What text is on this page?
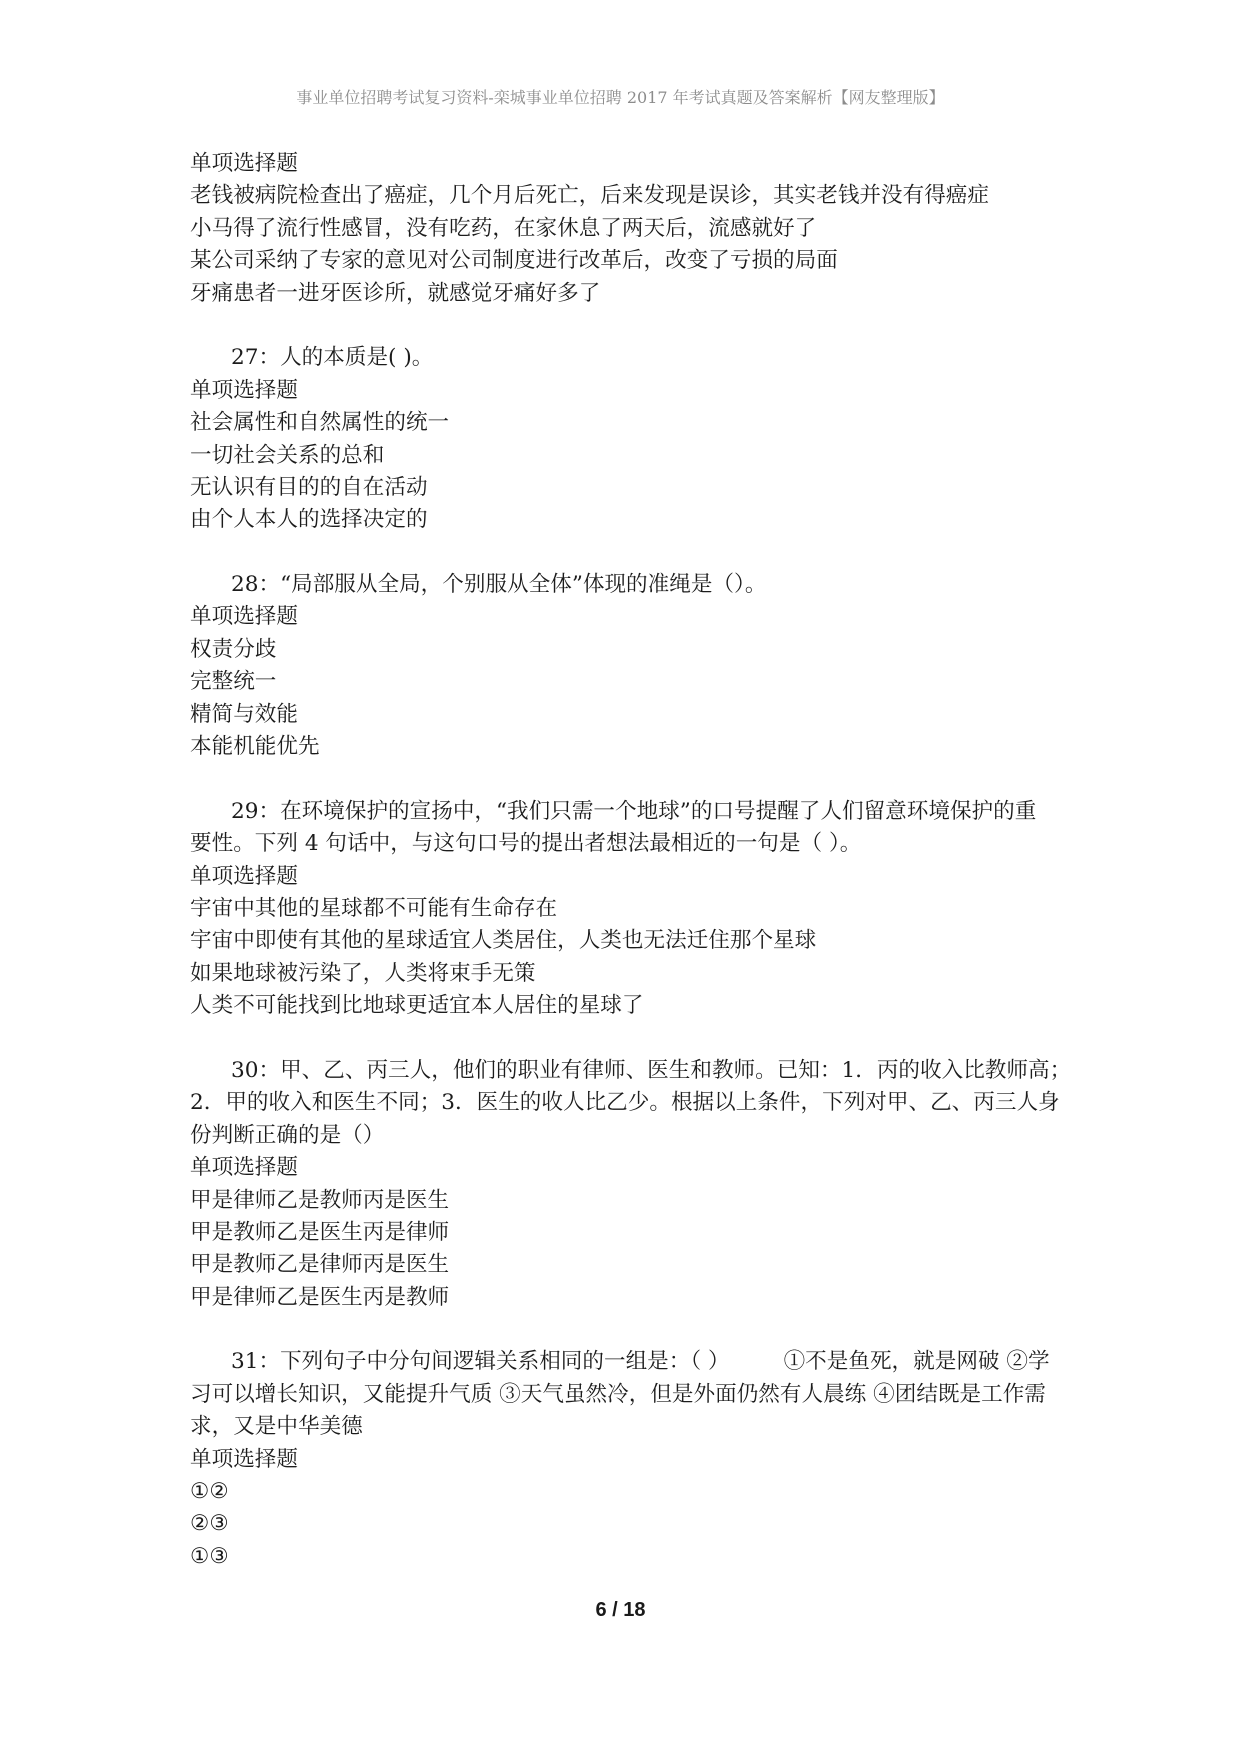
事业单位招聘考试复习资料-栾城事业单位招聘 2017 年考试真题及答案解析【网友整理版】
单项选择题
老钱被病院检查出了癌症，几个月后死亡，后来发现是误诊，其实老钱并没有得癌症
小马得了流行性感冒，没有吃药，在家休息了两天后，流感就好了
某公司采纳了专家的意见对公司制度进行改革后，改变了亏损的局面
牙痛患者一进牙医诊所，就感觉牙痛好多了
27：人的本质是( )。
单项选择题
社会属性和自然属性的统一
一切社会关系的总和
无认识有目的的自在活动
由个人本人的选择决定的
28：“局部服从全局，个别服从全体”体现的准绳是（）。
单项选择题
权责分歧
完整统一
精简与效能
本能机能优先
29：在环境保护的宣扬中，“我们只需一个地球”的口号提醒了人们留意环境保护的重
要性。下列 4 句话中，与这句口号的提出者想法最相近的一句是（ ）。
单项选择题
宇宙中其他的星球都不可能有生命存在
宇宙中即使有其他的星球适宜人类居住，人类也无法迁住那个星球
如果地球被污染了，人类将束手无策
人类不可能找到比地球更适宜本人居住的星球了
30：甲、乙、丙三人，他们的职业有律师、医生和教师。已知：1．丙的收入比教师高；
2．甲的收入和医生不同；3．医生的收人比乙少。根据以上条件，下列对甲、乙、丙三人身
份判断正确的是（）
单项选择题
甲是律师乙是教师丙是医生
甲是教师乙是医生丙是律师
甲是教师乙是律师丙是医生
甲是律师乙是医生丙是教师
31：下列句子中分句间逻辑关系相同的一组是：（ ）　　　①不是鱼死，就是网破 ②学
习可以增长知识，又能提升气质 ③天气虽然冷，但是外面仍然有人晨练 ④团结既是工作需
求，又是中华美德
单项选择题
①②
②③
①③
6 / 18
